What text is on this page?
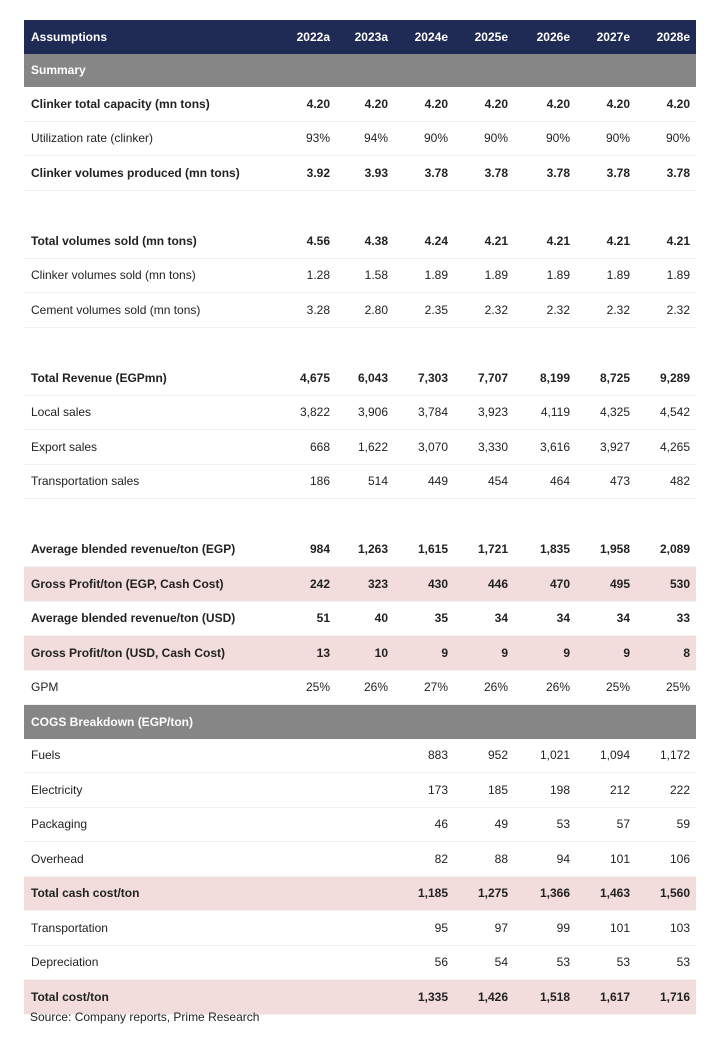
Assumptions	2022a	2023a	2024e	2025e	2026e	2027e	2028e
Summary							
Clinker total capacity (mn tons)	4.20	4.20	4.20	4.20	4.20	4.20	4.20
Utilization rate (clinker)	93%	94%	90%	90%	90%	90%	90%
Clinker volumes produced (mn tons)	3.92	3.93	3.78	3.78	3.78	3.78	3.78

Total volumes sold (mn tons)	4.56	4.38	4.24	4.21	4.21	4.21	4.21
Clinker volumes sold (mn tons)	1.28	1.58	1.89	1.89	1.89	1.89	1.89
Cement volumes sold (mn tons)	3.28	2.80	2.35	2.32	2.32	2.32	2.32

Total Revenue (EGPmn)	4,675	6,043	7,303	7,707	8,199	8,725	9,289
Local sales	3,822	3,906	3,784	3,923	4,119	4,325	4,542
Export sales	668	1,622	3,070	3,330	3,616	3,927	4,265
Transportation sales	186	514	449	454	464	473	482

Average blended revenue/ton (EGP)	984	1,263	1,615	1,721	1,835	1,958	2,089
Gross Profit/ton (EGP, Cash Cost)	242	323	430	446	470	495	530
Average blended revenue/ton (USD)	51	40	35	34	34	34	33
Gross Profit/ton (USD, Cash Cost)	13	10	9	9	9	9	8
GPM	25%	26%	27%	26%	26%	25%	25%
COGS Breakdown (EGP/ton)							
Fuels			883	952	1,021	1,094	1,172
Electricity			173	185	198	212	222
Packaging			46	49	53	57	59
Overhead			82	88	94	101	106
Total cash cost/ton			1,185	1,275	1,366	1,463	1,560
Transportation			95	97	99	101	103
Depreciation			56	54	53	53	53
Total cost/ton			1,335	1,426	1,518	1,617	1,716
Source: Company reports, Prime Research
